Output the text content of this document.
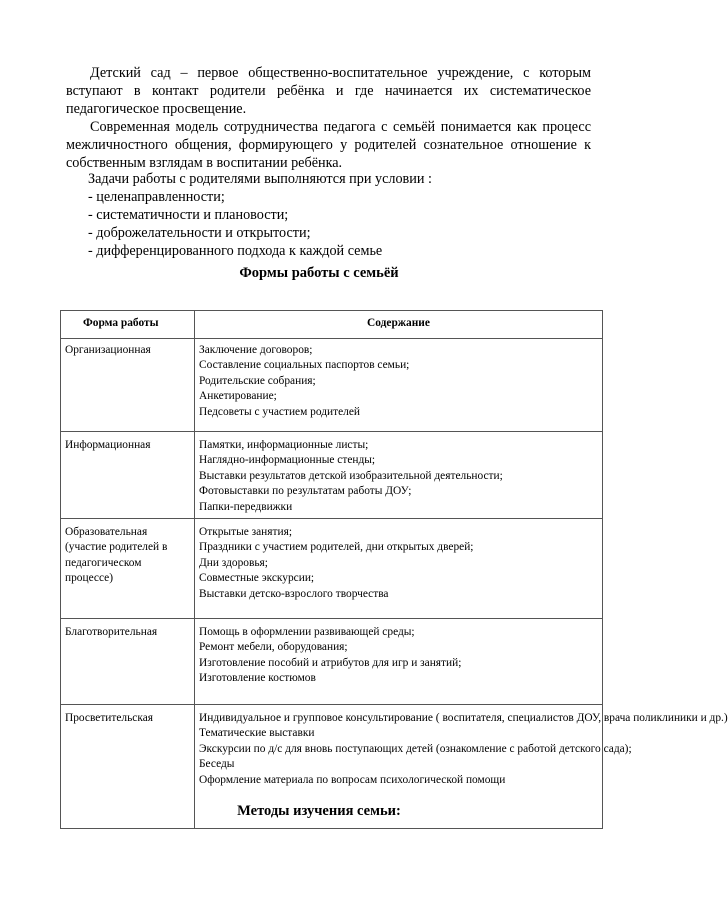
Детский сад – первое общественно-воспитательное учреждение, с которым вступают в контакт родители ребёнка и где начинается их систематическое педагогическое просвещение.

Современная модель сотрудничества педагога с семьёй понимается как процесс межличностного общения, формирующего у родителей сознательное отношение к собственным взглядам в воспитании ребёнка.

Задачи работы с родителями выполняются при условии :
- целенаправленности;
- систематичности и плановости;
- доброжелательности и открытости;
- дифференцированного подхода к каждой семье
Формы работы с семьёй
Форма работы	Содержание
Организационная	Заключение договоров;
Составление социальных паспортов семьи;
Родительские собрания;
Анкетирование;
Педсоветы с участием родителей

Информационная	Памятки, информационные листы;
Наглядно-информационные стенды;
Выставки результатов детской изобразительной деятельности;
Фотовыставки по результатам работы ДОУ;
Папки-передвижки

Образовательная (участие родителей в педагогическом процессе)	Открытые занятия;
Праздники с участием родителей, дни открытых дверей;
Дни здоровья;
Совместные экскурсии;
Выставки детско-взрослого творчества

Благотворительная	Помощь в оформлении развивающей среды;
Ремонт мебели, оборудования;
Изготовление пособий и атрибутов для игр и занятий;
Изготовление костюмов

Просветительская	Индивидуальное и групповое консультирование ( воспитателя, специалистов ДОУ, врача поликлиники и др.)
Тематические выставки
Экскурсии по д/с для вновь поступающих детей (ознакомление с работой детского сада);
Беседы
Оформление материала по вопросам психологической помощи
Методы изучения семьи:
